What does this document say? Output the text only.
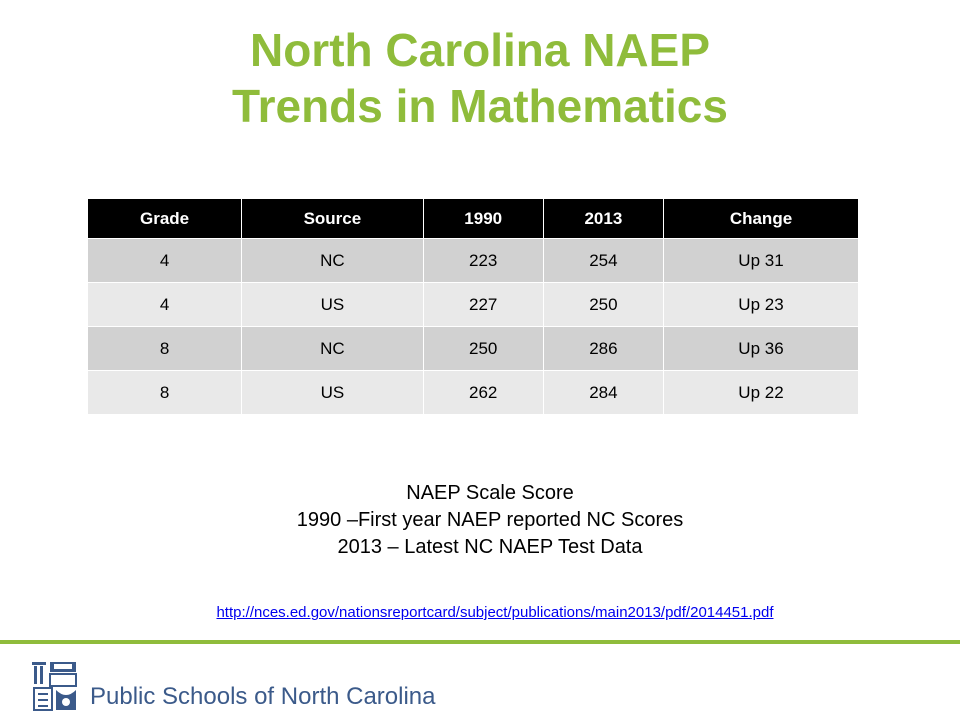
North Carolina NAEP
Trends in Mathematics
Grade	Source	1990	2013	Change
4	NC	223	254	Up 31
4	US	227	250	Up 23
8	NC	250	286	Up 36
8	US	262	284	Up 22
NAEP Scale Score
1990 –First year NAEP reported NC Scores
2013 – Latest NC NAEP Test Data
http://nces.ed.gov/nationsreportcard/subject/publications/main2013/pdf/2014451.pdf
Public Schools of North Carolina
